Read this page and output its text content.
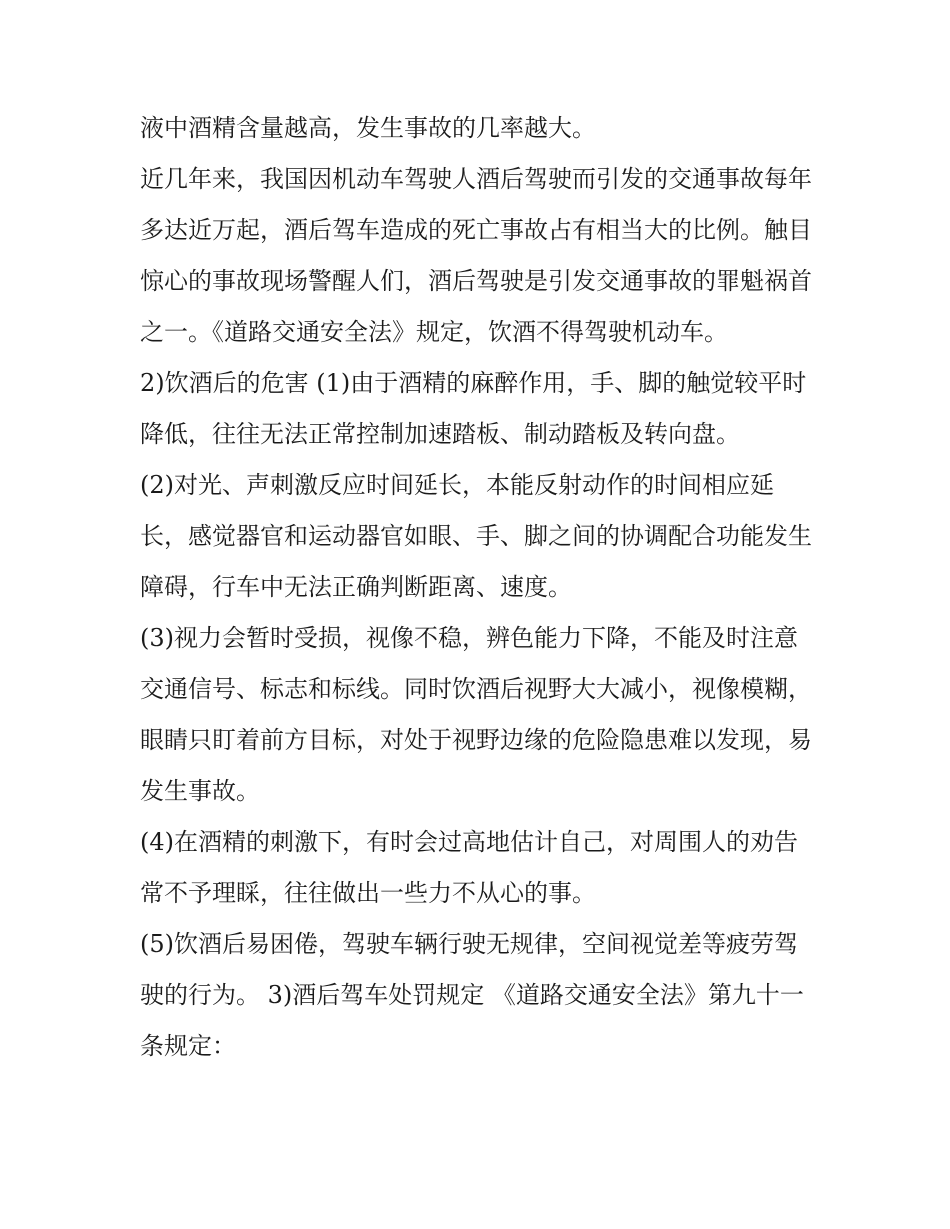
液中酒精含量越高，发生事故的几率越大。

近几年来，我国因机动车驾驶人酒后驾驶而引发的交通事故每年多达近万起，酒后驾车造成的死亡事故占有相当大的比例。触目惊心的事故现场警醒人们，酒后驾驶是引发交通事故的罪魁祸首之一。《道路交通安全法》规定，饮酒不得驾驶机动车。

2)饮酒后的危害 (1)由于酒精的麻醉作用，手、脚的触觉较平时降低，往往无法正常控制加速踏板、制动踏板及转向盘。

(2)对光、声刺激反应时间延长，本能反射动作的时间相应延长，感觉器官和运动器官如眼、手、脚之间的协调配合功能发生障碍，行车中无法正确判断距离、速度。

(3)视力会暂时受损，视像不稳，辨色能力下降，不能及时注意交通信号、标志和标线。同时饮酒后视野大大减小，视像模糊，眼睛只盯着前方目标，对处于视野边缘的危险隐患难以发现，易发生事故。

(4)在酒精的刺激下，有时会过高地估计自己，对周围人的劝告常不予理睬，往往做出一些力不从心的事。

(5)饮酒后易困倦，驾驶车辆行驶无规律，空间视觉差等疲劳驾驶的行为。 3)酒后驾车处罚规定 《道路交通安全法》第九十一条规定：
